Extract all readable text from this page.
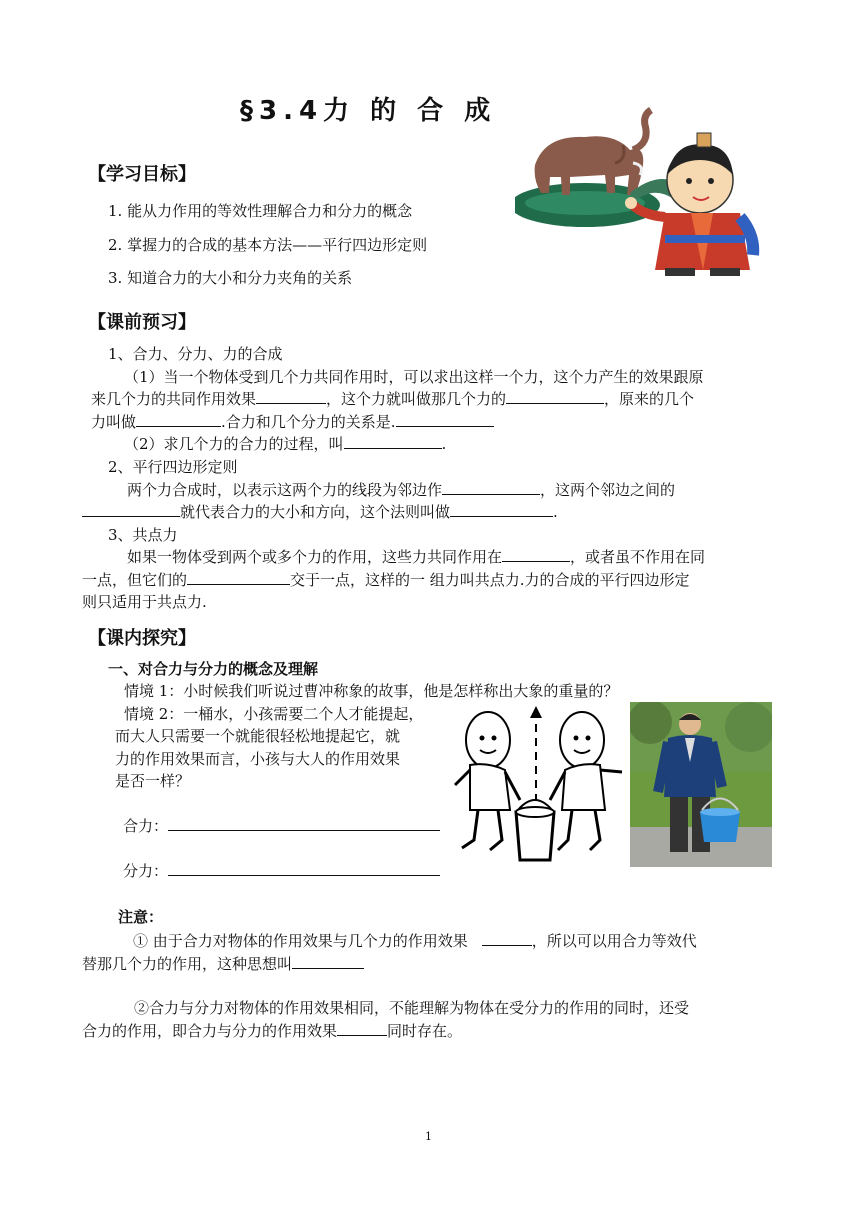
§3.4力 的 合 成
【学习目标】
1. 能从力作用的等效性理解合力和分力的概念
2. 掌握力的合成的基本方法——平行四边形定则
3. 知道合力的大小和分力夹角的关系
【课前预习】
1、合力、分力、力的合成
（1）当一个物体受到几个力共同作用时，可以求出这样一个力，这个力产生的效果跟原
来几个力的共同作用效果	，这个力就叫做那几个力的	，原来的几个
力叫做	.合力和几个分力的关系是.
（2）求几个力的合力的过程，叫	.
2、平行四边形定则
两个力合成时，以表示这两个力的线段为邻边作	，这两个邻边之间的
就代表合力的大小和方向，这个法则叫做	.
3、共点力
如果一物体受到两个或多个力的作用，这些力共同作用在	，或者虽不作用在同
一点，但它们的	交于一点，这样的一 组力叫共点力.力的合成的平行四边形定
则只适用于共点力.
【课内探究】
一、对合力与分力的概念及理解
情境 1：小时候我们听说过曹冲称象的故事，他是怎样称出大象的重量的？
情境 2：一桶水，小孩需要二个人才能提起，
而大人只需要一个就能很轻松地提起它，就
力的作用效果而言，小孩与大人的作用效果
是否一样？
合力：
分力：
注意：
① 由于合力对物体的作用效果与几个力的作用效果	，所以可以用合力等效代
替那几个力的作用，这种思想叫
②合力与分力对物体的作用效果相同，不能理解为物体在受分力的作用的同时，还受
合力的作用，即合力与分力的作用效果	同时存在。
1
